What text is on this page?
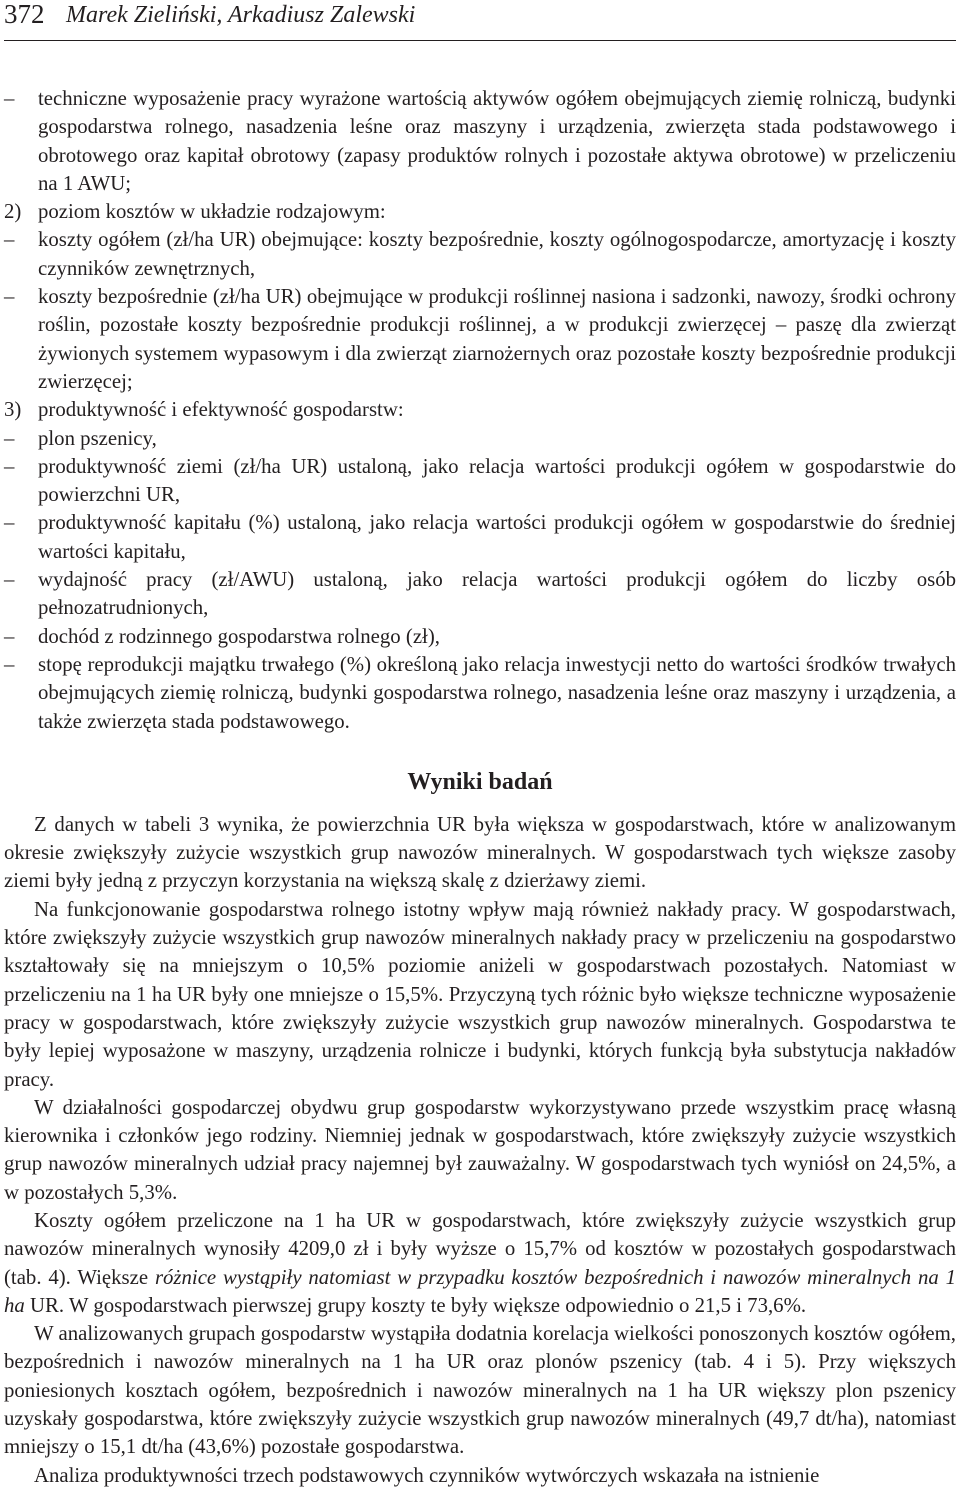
372 Marek Zieliński, Arkadiusz Zalewski
– techniczne wyposażenie pracy wyrażone wartością aktywów ogółem obejmujących ziemię rolniczą, budynki gospodarstwa rolnego, nasadzenia leśne oraz maszyny i urządzenia, zwierzęta stada podstawowego i obrotowego oraz kapitał obrotowy (zapasy produktów rolnych i pozostałe aktywa obrotowe) w przeliczeniu na 1 AWU;
2) poziom kosztów w układzie rodzajowym:
– koszty ogółem (zł/ha UR) obejmujące: koszty bezpośrednie, koszty ogólnogospodarcze, amortyzację i koszty czynników zewnętrznych,
– koszty bezpośrednie (zł/ha UR) obejmujące w produkcji roślinnej nasiona i sadzonki, nawozy, środki ochrony roślin, pozostałe koszty bezpośrednie produkcji roślinnej, a w produkcji zwierzęcej – paszę dla zwierząt żywionych systemem wypasowym i dla zwierząt ziarnożernych oraz pozostałe koszty bezpośrednie produkcji zwierzęcej;
3) produktywność i efektywność gospodarstw:
– plon pszenicy,
– produktywność ziemi (zł/ha UR) ustaloną, jako relacja wartości produkcji ogółem w gospodarstwie do powierzchni UR,
– produktywność kapitału (%) ustaloną, jako relacja wartości produkcji ogółem w gospodarstwie do średniej wartości kapitału,
– wydajność pracy (zł/AWU) ustaloną, jako relacja wartości produkcji ogółem do liczby osób pełnozatrudnionych,
– dochód z rodzinnego gospodarstwa rolnego (zł),
– stopę reprodukcji majątku trwałego (%) określoną jako relacja inwestycji netto do wartości środków trwałych obejmujących ziemię rolniczą, budynki gospodarstwa rolnego, nasadzenia leśne oraz maszyny i urządzenia, a także zwierzęta stada podstawowego.
Wyniki badań
Z danych w tabeli 3 wynika, że powierzchnia UR była większa w gospodarstwach, które w analizowanym okresie zwiększyły zużycie wszystkich grup nawozów mineralnych. W gospodarstwach tych większe zasoby ziemi były jedną z przyczyn korzystania na większą skalę z dzierżawy ziemi.
Na funkcjonowanie gospodarstwa rolnego istotny wpływ mają również nakłady pracy. W gospodarstwach, które zwiększyły zużycie wszystkich grup nawozów mineralnych nakłady pracy w przeliczeniu na gospodarstwo kształtowały się na mniejszym o 10,5% poziomie aniżeli w gospodarstwach pozostałych. Natomiast w przeliczeniu na 1 ha UR były one mniejsze o 15,5%. Przyczyną tych różnic było większe techniczne wyposażenie pracy w gospodarstwach, które zwiększyły zużycie wszystkich grup nawozów mineralnych. Gospodarstwa te były lepiej wyposażone w maszyny, urządzenia rolnicze i budynki, których funkcją była substytucja nakładów pracy.
W działalności gospodarczej obydwu grup gospodarstw wykorzystywano przede wszystkim pracę własną kierownika i członków jego rodziny. Niemniej jednak w gospodarstwach, które zwiększyły zużycie wszystkich grup nawozów mineralnych udział pracy najemnej był zauważalny. W gospodarstwach tych wyniósł on 24,5%, a w pozostałych 5,3%.
Koszty ogółem przeliczone na 1 ha UR w gospodarstwach, które zwiększyły zużycie wszystkich grup nawozów mineralnych wynosiły 4209,0 zł i były wyższe o 15,7% od kosztów w pozostałych gospodarstwach (tab. 4). Większe różnice wystąpiły natomiast w przypadku kosztów bezpośrednich i nawozów mineralnych na 1 ha UR. W gospodarstwach pierwszej grupy koszty te były większe odpowiednio o 21,5 i 73,6%.
W analizowanych grupach gospodarstw wystąpiła dodatnia korelacja wielkości ponoszonych kosztów ogółem, bezpośrednich i nawozów mineralnych na 1 ha UR oraz plonów pszenicy (tab. 4 i 5). Przy większych poniesionych kosztach ogółem, bezpośrednich i nawozów mineralnych na 1 ha UR większy plon pszenicy uzyskały gospodarstwa, które zwiększyły zużycie wszystkich grup nawozów mineralnych (49,7 dt/ha), natomiast mniejszy o 15,1 dt/ha (43,6%) pozostałe gospodarstwa.
Analiza produktywności trzech podstawowych czynników wytwórczych wskazała na istnienie
